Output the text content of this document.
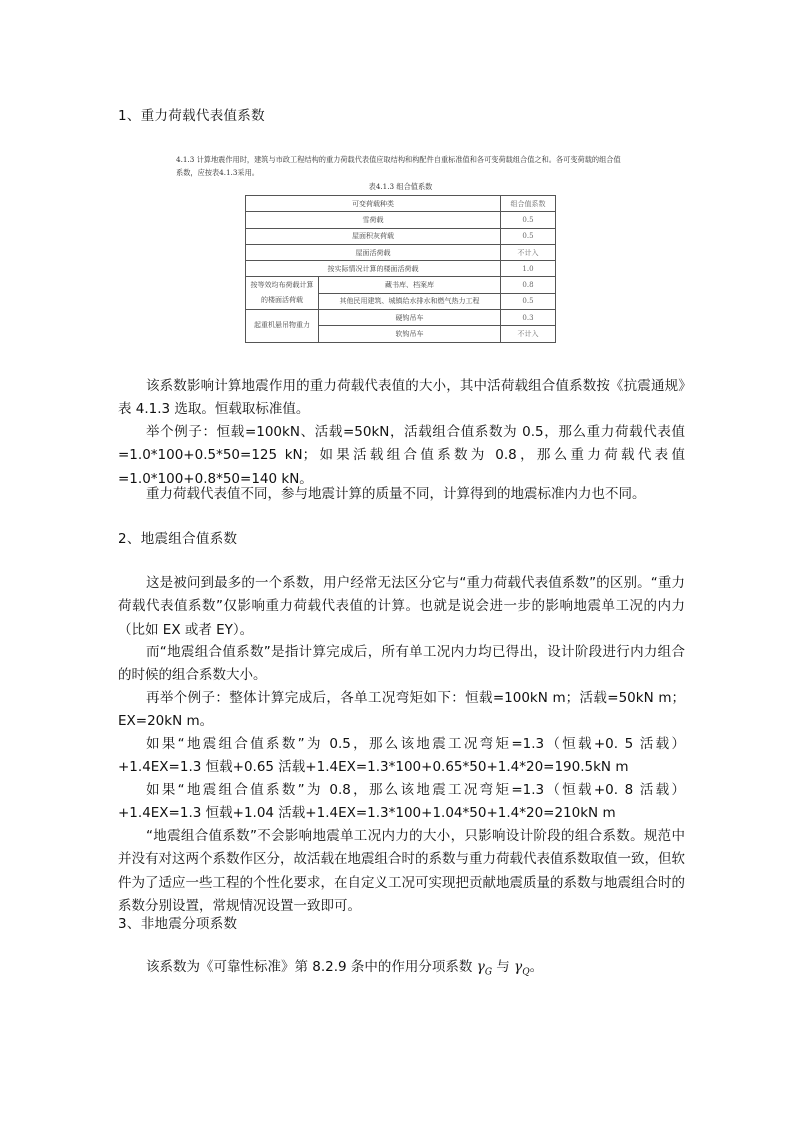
1、重力荷载代表值系数

4.1.3 计算地震作用时，建筑与市政工程结构的重力荷载代表值应取结构和构配件自重标准值和各可变荷载组合值之和。各可变荷载的组合值系数，应按表4.1.3采用。

表4.1.3 组合值系数
可变荷载种类		组合值系数
雪荷载		0.5
屋面积灰荷载		0.5
屋面活荷载		不计入
按实际情况计算的楼面活荷载		1.0
按等效均布荷载计算的楼面活荷载	藏书库、档案库	0.8
	其他民用建筑、城镇给水排水和燃气热力工程	0.5
起重机悬吊物重力	硬钩吊车	0.3
	软钩吊车	不计入

该系数影响计算地震作用的重力荷载代表值的大小，其中活荷载组合值系数按《抗震通规》表 4.1.3 选取。恒载取标准值。

举个例子：恒载=100kN、活载=50kN，活载组合值系数为 0.5，那么重力荷载代表值=1.0*100+0.5*50=125 kN；如果活载组合值系数为 0.8，那么重力荷载代表值=1.0*100+0.8*50=140 kN。

重力荷载代表值不同，参与地震计算的质量不同，计算得到的地震标准内力也不同。

2、地震组合值系数

这是被问到最多的一个系数，用户经常无法区分它与“重力荷载代表值系数”的区别。“重力荷载代表值系数”仅影响重力荷载代表值的计算。也就是说会进一步的影响地震单工况的内力（比如 EX 或者 EY）。

而“地震组合值系数”是指计算完成后，所有单工况内力均已得出，设计阶段进行内力组合的时候的组合系数大小。

再举个例子：整体计算完成后，各单工况弯矩如下：恒载=100kN m；活载=50kN m；EX=20kN m。

如果“地震组合值系数”为 0.5，那么该地震工况弯矩=1.3（恒载+0. 5 活载）+1.4EX=1.3 恒载+0.65 活载+1.4EX=1.3*100+0.65*50+1.4*20=190.5kN m

如果“地震组合值系数”为 0.8，那么该地震工况弯矩=1.3（恒载+0. 8 活载）+1.4EX=1.3 恒载+1.04 活载+1.4EX=1.3*100+1.04*50+1.4*20=210kN m

“地震组合值系数”不会影响地震单工况内力的大小，只影响设计阶段的组合系数。规范中并没有对这两个系数作区分，故活载在地震组合时的系数与重力荷载代表值系数取值一致，但软件为了适应一些工程的个性化要求，在自定义工况可实现把贡献地震质量的系数与地震组合时的系数分别设置，常规情况设置一致即可。

3、非地震分项系数

该系数为《可靠性标准》第 8.2.9 条中的作用分项系数 $\gamma_G$ 与 $\gamma_Q$。
